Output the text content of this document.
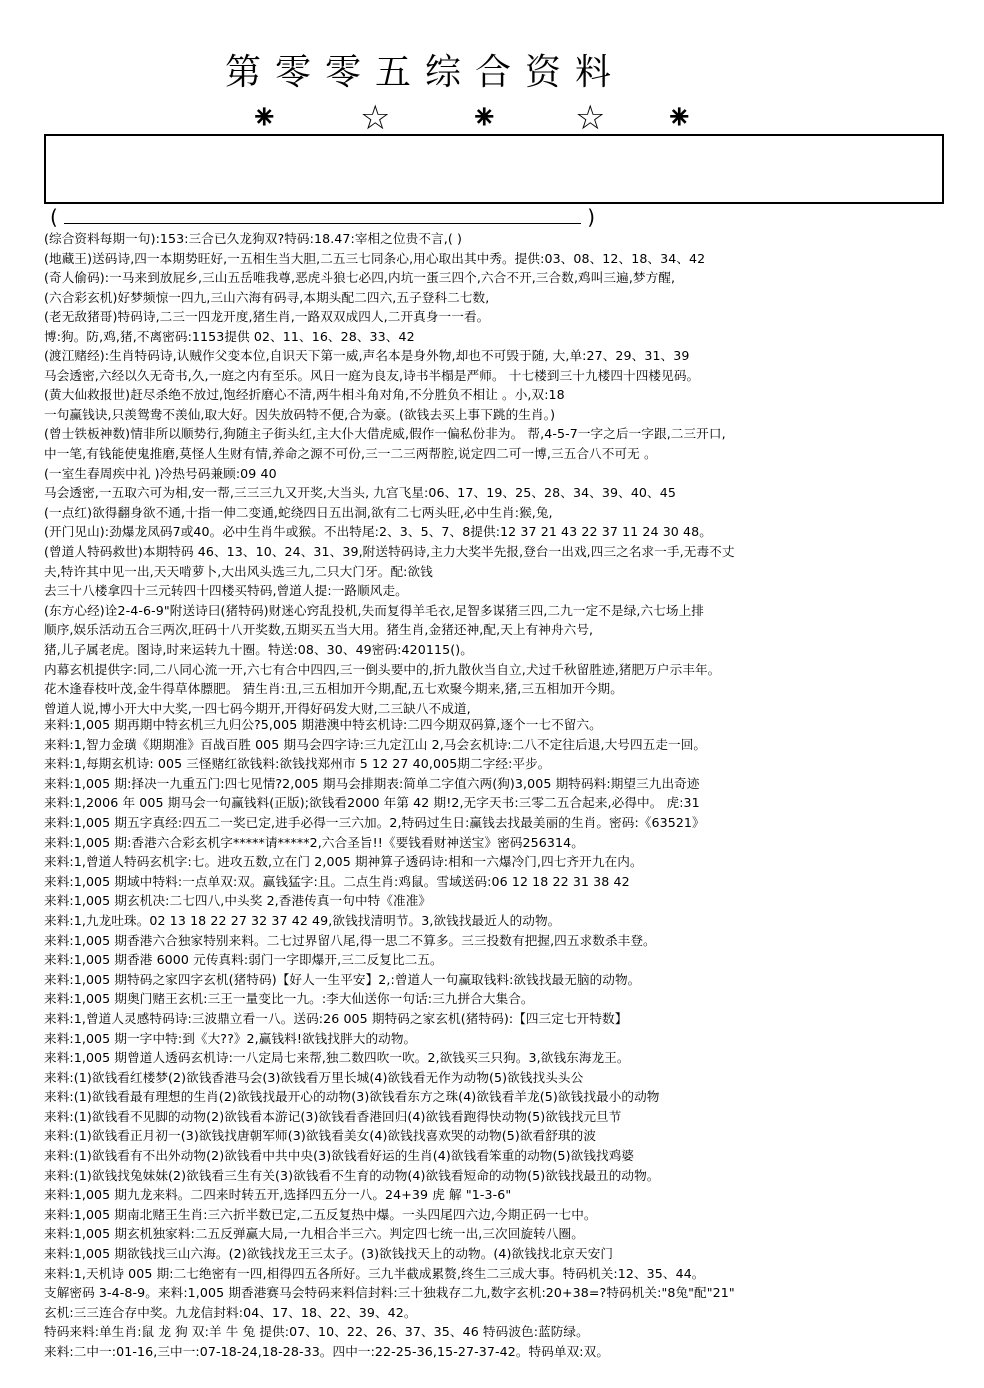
第零零五综合资料
⁕ ☆ ⁕ ☆ ⁕
(	)
(综合资料每期一句):153:三合已久龙狗双?特码:18.47:宰相之位贵不言,( )
(地藏王)送码诗,四一本期势旺好,一五相生当大胆,二五三七同条心,用心取出其中秀。提供:03、08、12、18、34、42
(奇人偷码):一马来到放屁乡,三山五岳唯我尊,恶虎斗狼七必四,内坑一蛋三四个,六合不开,三合数,鸡叫三遍,梦方醒,
(六合彩玄机)好梦频惊一四九,三山六海有码寻,本期头配二四六,五子登科二七数,
(老无敌猪哥)特码诗,二三一四龙开度,猪生肖,一路双双成四人,二开真身一一看。
博:狗。防,鸡,猪,不离密码:1153提供 02、11、16、28、33、42
(渡江赌经):生肖特码诗,认贼作父变本位,自识天下第一威,声名本是身外物,却也不可毁于随, 大,单:27、29、31、39
马会透密,六经以久无奇书,久,一庭之内有至乐。风日一庭为良友,诗书半榻是严师。 十七楼到三十九楼四十四楼见码。
(黄大仙救报世)赶尽杀绝不放过,饱经折磨心不清,两牛相斗角对角,不分胜负不相让 。小,双:18
一句赢钱诀,只羡鸳鸯不羡仙,取大好。因失放码特不便,合为豪。(欲钱去买上事下跳的生肖。)
(曾士铁板神数)情非所以顺势行,狗随主子街头红,主大仆大借虎威,假作一偏私份非为。 帮,4-5-7一字之后一字跟,二三开口,
中一笔,有钱能使鬼推磨,莫怪人生财有情,养命之源不可份,三一二三两帮腔,说定四二可一博,三五合八不可无 。
(一室生春周疾中礼 )冷热号码兼顾:09 40
马会透密,一五取六可为相,安一帮,三三三九又开奖,大当头, 九宫飞星:06、17、19、25、28、34、39、40、45
(一点红)欲得翻身欲不通,十指一伸二变通,蛇绕四日五出洞,欲有二七两头旺,必中生肖:猴,兔,
(开门见山):劲爆龙凤码7或40。必中生肖牛或猴。不出特尾:2、3、5、7、8提供:12 37 21 43 22 37 11 24 30 48。
(曾道人特码救世)本期特码 46、13、10、24、31、39,附送特码诗,主力大奖半先报,登台一出戏,四三之名求一手,无毒不丈
夫,特许其中见一出,天天啃萝卜,大出风头选三九,二只大门牙。配:欲钱
去三十八楼拿四十三元转四十四楼买特码,曾道人提:一路顺风走。
(东方心经)诠2-4-6-9"附送诗曰(猪特码)财迷心窍乱投机,失而复得羊毛衣,足智多谋猪三四,二九一定不是绿,六七场上排
顺序,娱乐活动五合三两次,旺码十八开奖数,五期买五当大用。猪生肖,金猪还神,配,天上有神舟六号,
猪,儿子属老虎。图诗,时来运转九十圈。特送:08、30、49密码:420115()。
内幕玄机提供字:同,二八同心流一开,六七有合中四四,三一倒头要中的,折九散伙当自立,犬过千秋留胜迹,猪肥万户示丰年。
花木逢春枝叶茂,金牛得草体膘肥。 猜生肖:丑,三五相加开今期,配,五七欢聚今期来,猪,三五相加开今期。
曾道人说,博小开大中大奖,一四七码今期开,开得好码发大财,二三缺八不成道,
来料:1,005 期再期中特玄机三九归公?5,005 期港澳中特玄机诗:二四今期双码算,逐个一七不留六。
来料:1,智力金璜《期期准》百战百胜 005 期马会四字诗:三九定江山 2,马会玄机诗:二八不定往后退,大号四五走一回。
来料:1,每期玄机诗: 005 三怪赌红欲钱料:欲钱找郑州市 5 12 27 40,005期二字经:平步。
来料:1,005 期:择决一九重五门:四七见情?2,005 期马会排期表:简单二字值六两(狗)3,005 期特码料:期望三九出奇迹
来料:1,2006 年 005 期马会一句赢钱料(正版);欲钱看2000 年第 42 期!2,无字天书:三零二五合起来,必得中。 虎:31
来料:1,005 期五字真经:四五二一奖已定,进手必得一三六加。2,特码过生日:赢钱去找最美丽的生肖。密码:《63521》
来料:1,005 期:香港六合彩玄机字*****请*****2,六合圣旨!!《要钱看财神送宝》密码256314。
来料:1,曾道人特码玄机字:七。进攻五数,立在门 2,005 期神算子透码诗:相和一六爆冷门,四七齐开九在内。
来料:1,005 期域中特料:一点单双:双。赢钱猛字:且。二点生肖:鸡鼠。雪域送码:06 12 18 22 31 38 42
来料:1,005 期玄机决:二七四八,中头奖 2,香港传真一句中特《准准》
来料:1,九龙吐珠。02 13 18 22 27 32 37 42 49,欲钱找清明节。3,欲钱找最近人的动物。
来料:1,005 期香港六合独家特别来料。二七过界留八尾,得一思二不算多。三三投数有把握,四五求数杀丰登。
来料:1,005 期香港 6000 元传真料:弱门一字即爆开,三二反复比二五。
来料:1,005 期特码之家四字玄机(猪特码)【好人一生平安】2,:曾道人一句赢取钱料:欲钱找最无脑的动物。
来料:1,005 期奥门赌王玄机:三王一量变比一九。:李大仙送你一句话:三九拼合大集合。
来料:1,曾道人灵感特码诗:三波鼎立看一八。送码:26 005 期特码之家玄机(猪特码):【四三定七开特数】
来料:1,005 期一字中特:到《大??》2,赢钱料!欲钱找胖大的动物。
来料:1,005 期曾道人透码玄机诗:一八定局七来帮,独二数四吹一吹。2,欲钱买三只狗。3,欲钱东海龙王。
来料:(1)欲钱看红楼梦(2)欲钱香港马会(3)欲钱看万里长城(4)欲钱看无作为动物(5)欲钱找头头公
来料:(1)欲钱看最有理想的生肖(2)欲钱找最开心的动物(3)欲钱看东方之珠(4)欲钱看羊龙(5)欲钱找最小的动物
来料:(1)欲钱看不见脚的动物(2)欲钱看本游记(3)欲钱看香港回归(4)欲钱看跑得快动物(5)欲钱找元旦节
来料:(1)欲钱看正月初一(3)欲钱找唐朝军师(3)欲钱看美女(4)欲钱找喜欢哭的动物(5)欲看舒琪的波
来料:(1)欲钱看有不出外动物(2)欲钱看中共中央(3)欲钱看好运的生肖(4)欲钱看笨重的动物(5)欲钱找鸡婆
来料:(1)欲钱找兔妹妹(2)欲钱看三生有关(3)欲钱看不生育的动物(4)欲钱看短命的动物(5)欲钱找最丑的动物。
来料:1,005 期九龙来料。二四来时转五开,选择四五分一八。24+39 虎 解 "1-3-6"
来料:1,005 期南北赌王生肖:三六折半数已定,二五反复热中爆。一头四尾四六边,今期正码一七中。
来料:1,005 期玄机独家料:二五反弹赢大局,一九相合半三六。判定四七统一出,三次回旋转八圈。
来料:1,005 期欲钱找三山六海。(2)欲钱找龙王三太子。(3)欲钱找天上的动物。(4)欲钱找北京天安门
来料:1,天机诗 005 期:二七绝密有一四,相得四五各所好。三九半截成累赘,终生二三成大事。特码机关:12、35、44。
支解密码 3-4-8-9。来料:1,005 期香港赛马会特码来料信封料:三十独栽存二九,数字玄机:20+38=?特码机关:"8兔"配"21"
玄机:三三连合存中奖。九龙信封料:04、17、18、22、39、42。
特码来料:单生肖:鼠 龙 狗 双:羊 牛 兔 提供:07、10、22、26、37、35、46 特码波色:蓝防绿。
来料:二中一:01-16,三中一:07-18-24,18-28-33。四中一:22-25-36,15-27-37-42。特码单双:双。
